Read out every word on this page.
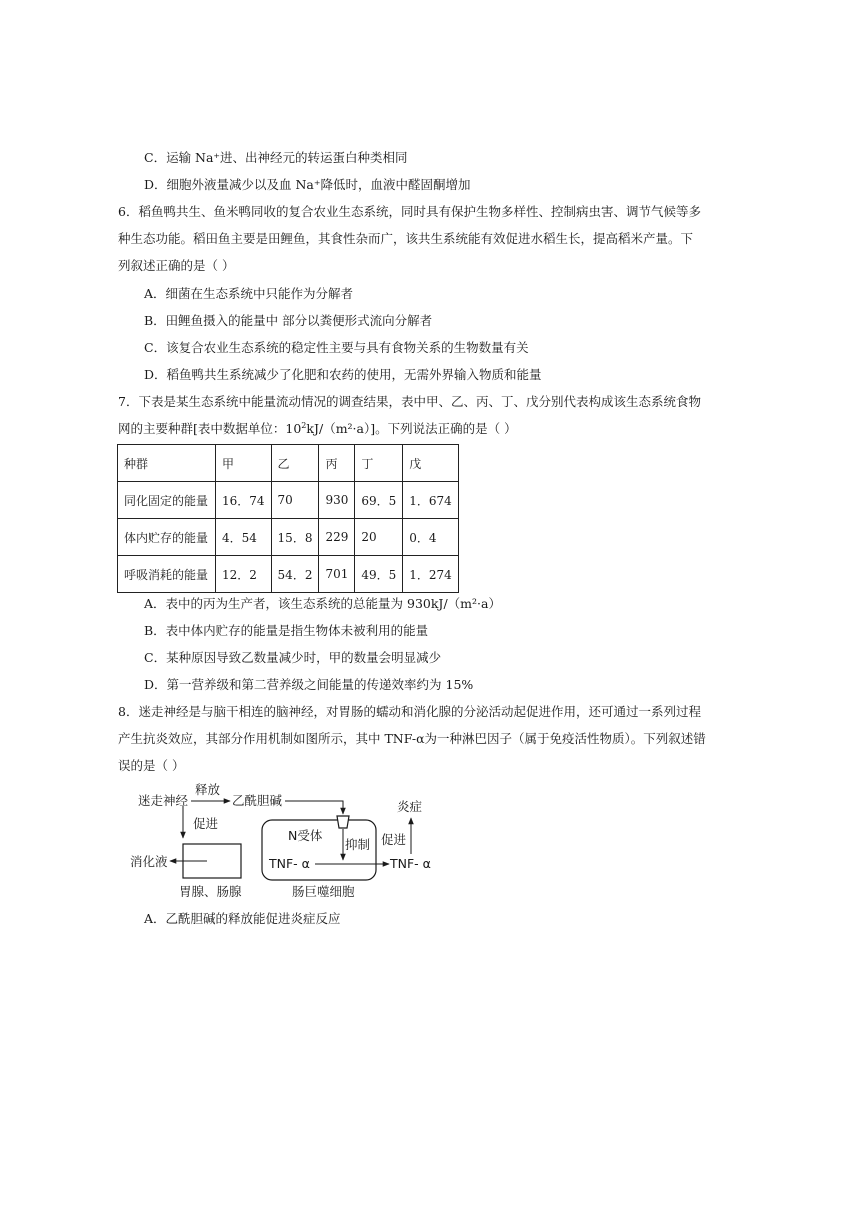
C．运输 Na⁺进、出神经元的转运蛋白种类相同
D．细胞外液量减少以及血 Na⁺降低时，血液中醛固酮增加
6．稻鱼鸭共生、鱼米鸭同收的复合农业生态系统，同时具有保护生物多样性、控制病虫害、调节气候等多
种生态功能。稻田鱼主要是田鲤鱼，其食性杂而广，该共生系统能有效促进水稻生长，提高稻米产量。下
列叙述正确的是（ ）
A．细菌在生态系统中只能作为分解者
B．田鲤鱼摄入的能量中 部分以粪便形式流向分解者
C．该复合农业生态系统的稳定性主要与具有食物关系的生物数量有关
D．稻鱼鸭共生系统减少了化肥和农药的使用，无需外界输入物质和能量
7．下表是某生态系统中能量流动情况的调查结果，表中甲、乙、丙、丁、戊分别代表构成该生态系统食物
网的主要种群[表中数据单位：$10^2kJ/(m^2\cdot a)$]。下列说法正确的是（ ）
种群	甲	乙	丙	丁	戊
同化固定的能量	16．74	70	930	69．5	1．674
体内贮存的能量	4．54	15．8	229	20	0．4
呼吸消耗的能量	12．2	54．2	701	49．5	1．274
A．表中的丙为生产者，该生态系统的总能量为 930kJ/（m²·a）
B．表中体内贮存的能量是指生物体未被利用的能量
C．某种原因导致乙数量减少时，甲的数量会明显减少
D．第一营养级和第二营养级之间能量的传递效率约为 15%
8．迷走神经是与脑干相连的脑神经，对胃肠的蠕动和消化腺的分泌活动起促进作用，还可通过一系列过程
产生抗炎效应，其部分作用机制如图所示，其中 TNF-α为一种淋巴因子（属于免疫活性物质）。下列叙述错
误的是（ ）
迷走神经
释放
乙酰胆碱
促进
消化液
胃腺、肠腺
N受体
抑制
TNF- α	TNF- α
促进
炎症
肠巨噬细胞
A．乙酰胆碱的释放能促进炎症反应
